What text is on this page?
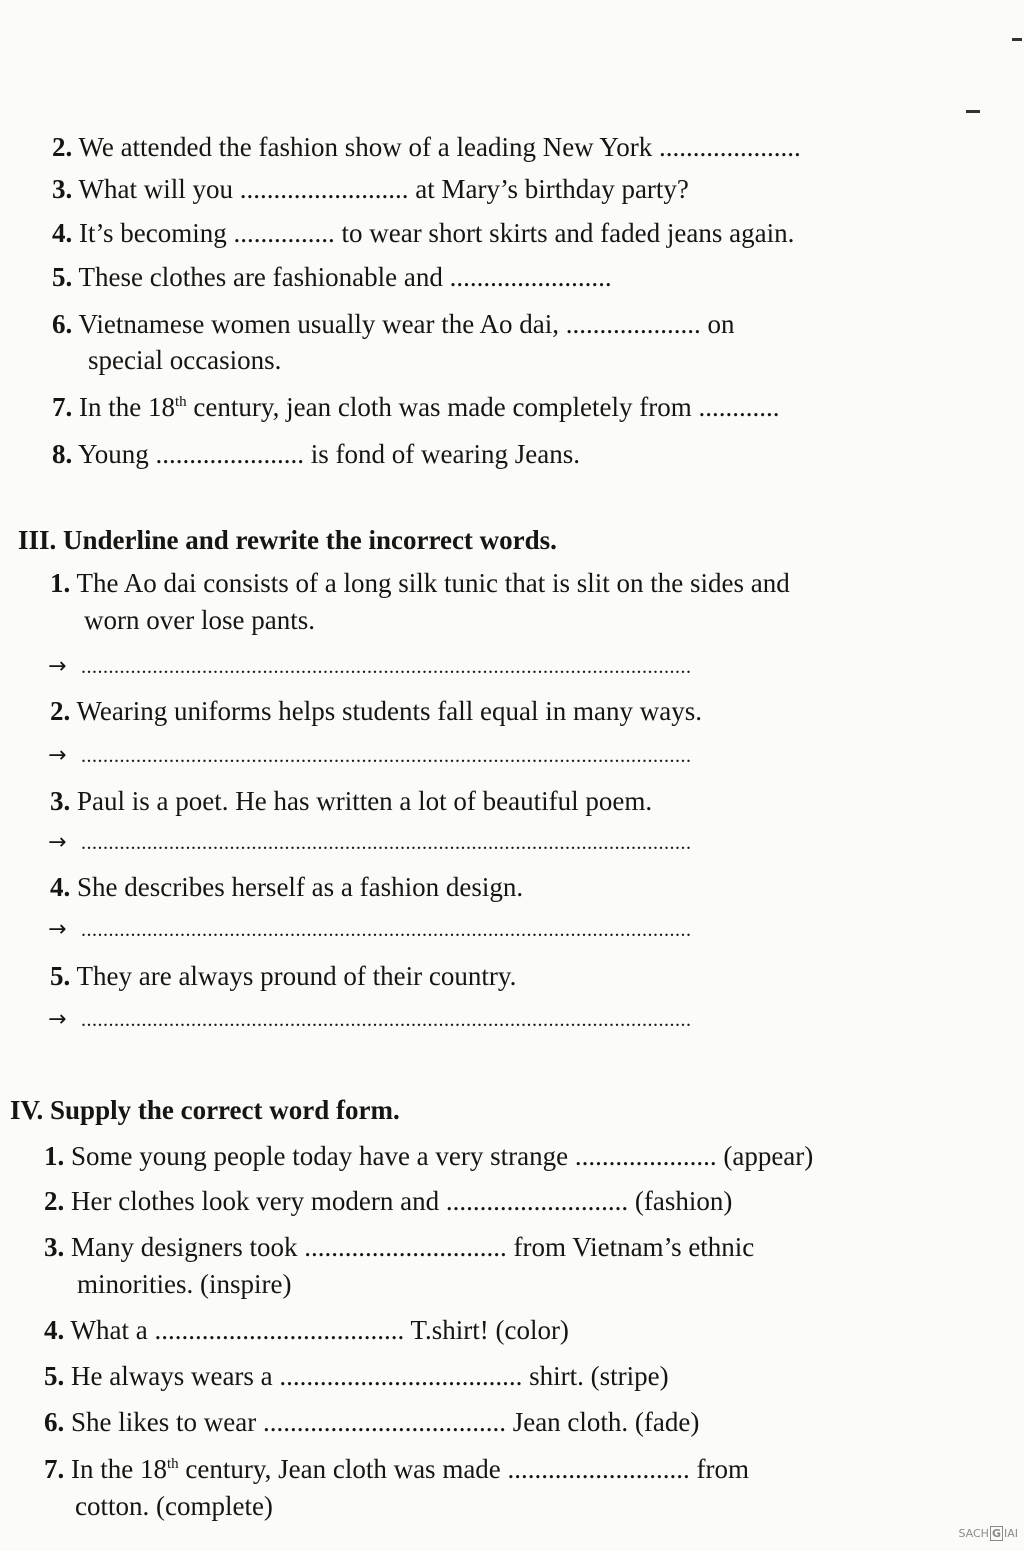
2. We attended the fashion show of a leading New York .....................
3. What will you ......................... at Mary’s birthday party?
4. It’s becoming ............... to wear short skirts and faded jeans again.
5. These clothes are fashionable and ........................
6. Vietnamese women usually wear the Ao dai, .................... on
special occasions.
7. In the 18th century, jean cloth was made completely from ............
8. Young ...................... is fond of wearing Jeans.
III. Underline and rewrite the incorrect words.
1. The Ao dai consists of a long silk tunic that is slit on the sides and
worn over lose pants.
→ ...............................................................................................................
2. Wearing uniforms helps students fall equal in many ways.
→ ...............................................................................................................
3. Paul is a poet. He has written a lot of beautiful poem.
→ ...............................................................................................................
4. She describes herself as a fashion design.
→ ...............................................................................................................
5. They are always pround of their country.
→ ...............................................................................................................
IV. Supply the correct word form.
1. Some young people today have a very strange ..................... (appear)
2. Her clothes look very modern and ........................... (fashion)
3. Many designers took .............................. from Vietnam’s ethnic
minorities. (inspire)
4. What a ..................................... T.shirt! (color)
5. He always wears a .................................... shirt. (stripe)
6. She likes to wear .................................... Jean cloth. (fade)
7. In the 18th century, Jean cloth was made ........................... from
cotton. (complete)
SACH G IAI
